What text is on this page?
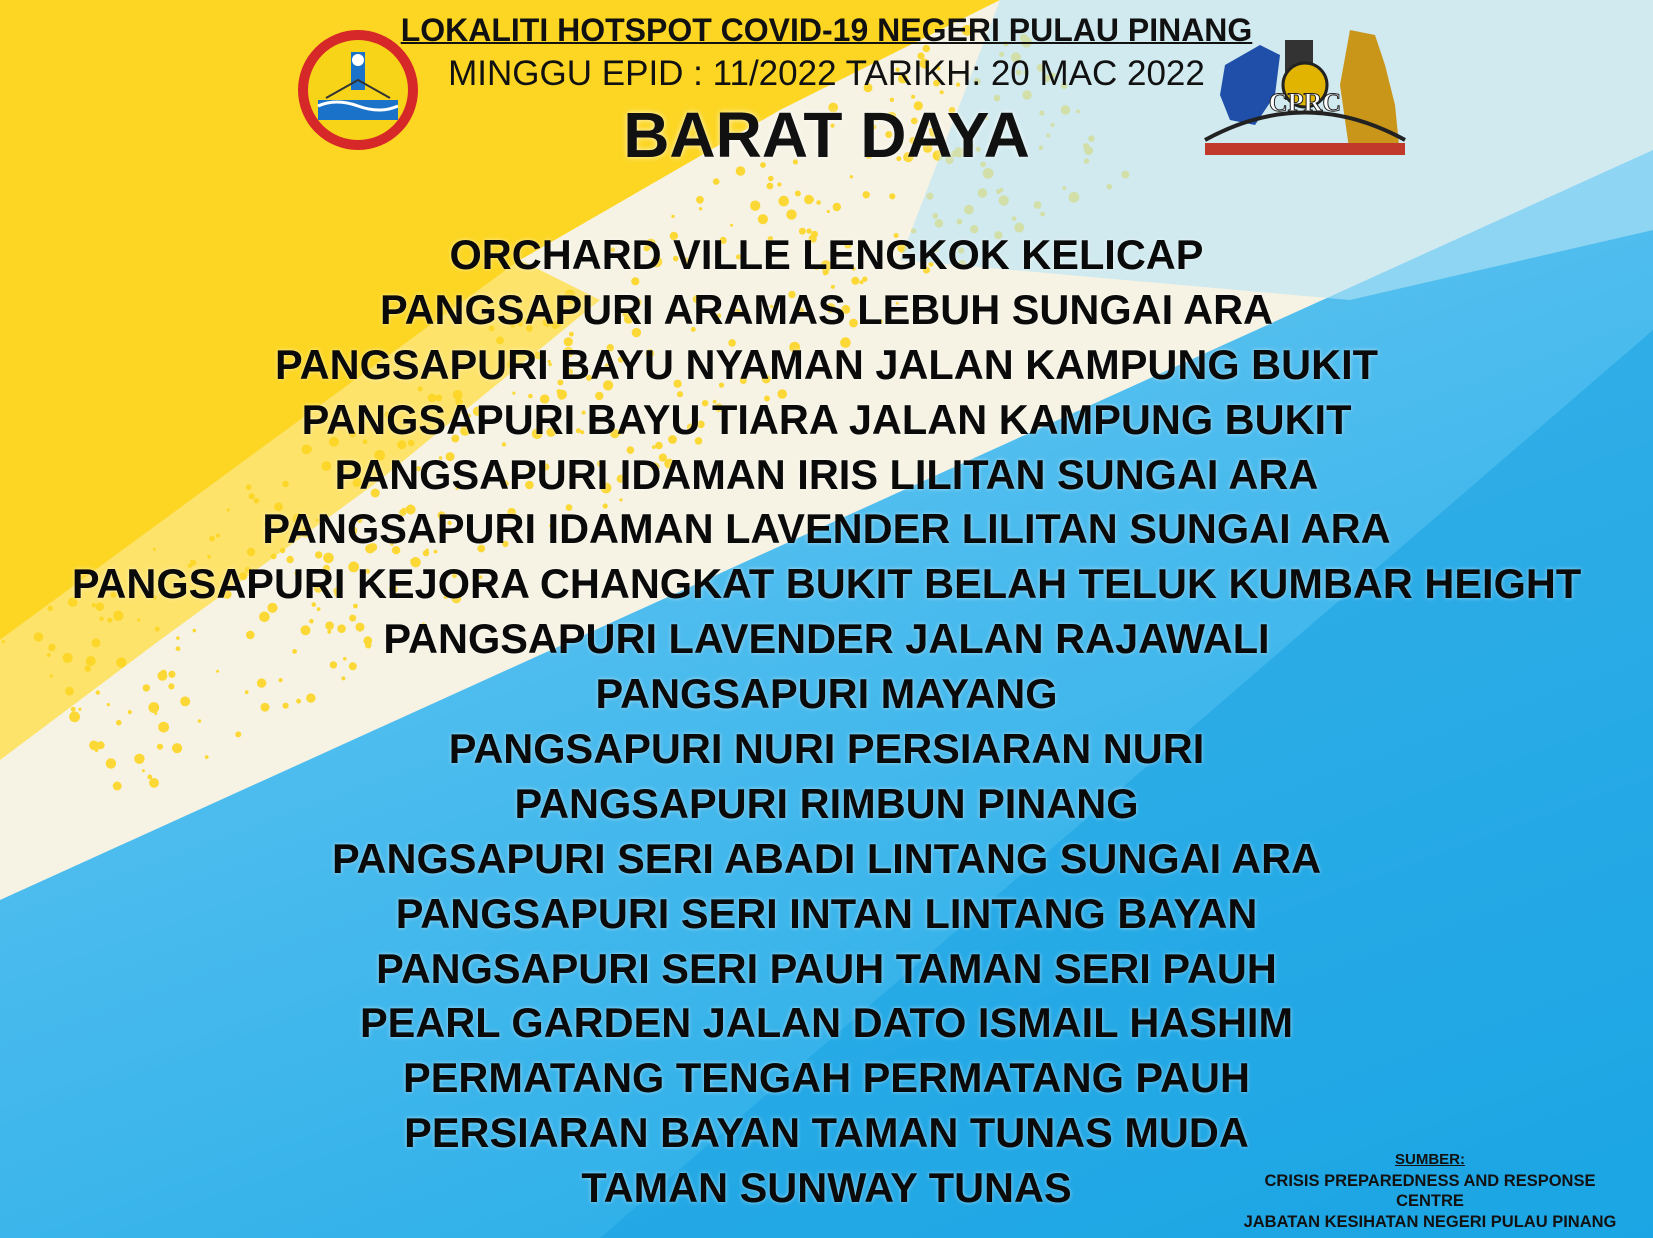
LOKALITI HOTSPOT COVID-19 NEGERI PULAU PINANG
MINGGU EPID : 11/2022 TARIKH: 20 MAC 2022
BARAT DAYA	CPRC
ORCHARD VILLE LENGKOK KELICAP
PANGSAPURI ARAMAS LEBUH SUNGAI ARA
PANGSAPURI BAYU NYAMAN JALAN KAMPUNG BUKIT
PANGSAPURI BAYU TIARA JALAN KAMPUNG BUKIT
PANGSAPURI IDAMAN IRIS LILITAN SUNGAI ARA
PANGSAPURI IDAMAN LAVENDER LILITAN SUNGAI ARA
PANGSAPURI KEJORA CHANGKAT BUKIT BELAH TELUK KUMBAR HEIGHT
PANGSAPURI LAVENDER JALAN RAJAWALI
PANGSAPURI MAYANG
PANGSAPURI NURI PERSIARAN NURI
PANGSAPURI RIMBUN PINANG
PANGSAPURI SERI ABADI LINTANG SUNGAI ARA
PANGSAPURI SERI INTAN LINTANG BAYAN
PANGSAPURI SERI PAUH TAMAN SERI PAUH
PEARL GARDEN JALAN DATO ISMAIL HASHIM
PERMATANG TENGAH PERMATANG PAUH
PERSIARAN BAYAN TAMAN TUNAS MUDA
TAMAN SUNWAY TUNAS
SUMBER:
CRISIS PREPAREDNESS AND RESPONSE
CENTRE
JABATAN KESIHATAN NEGERI PULAU PINANG
